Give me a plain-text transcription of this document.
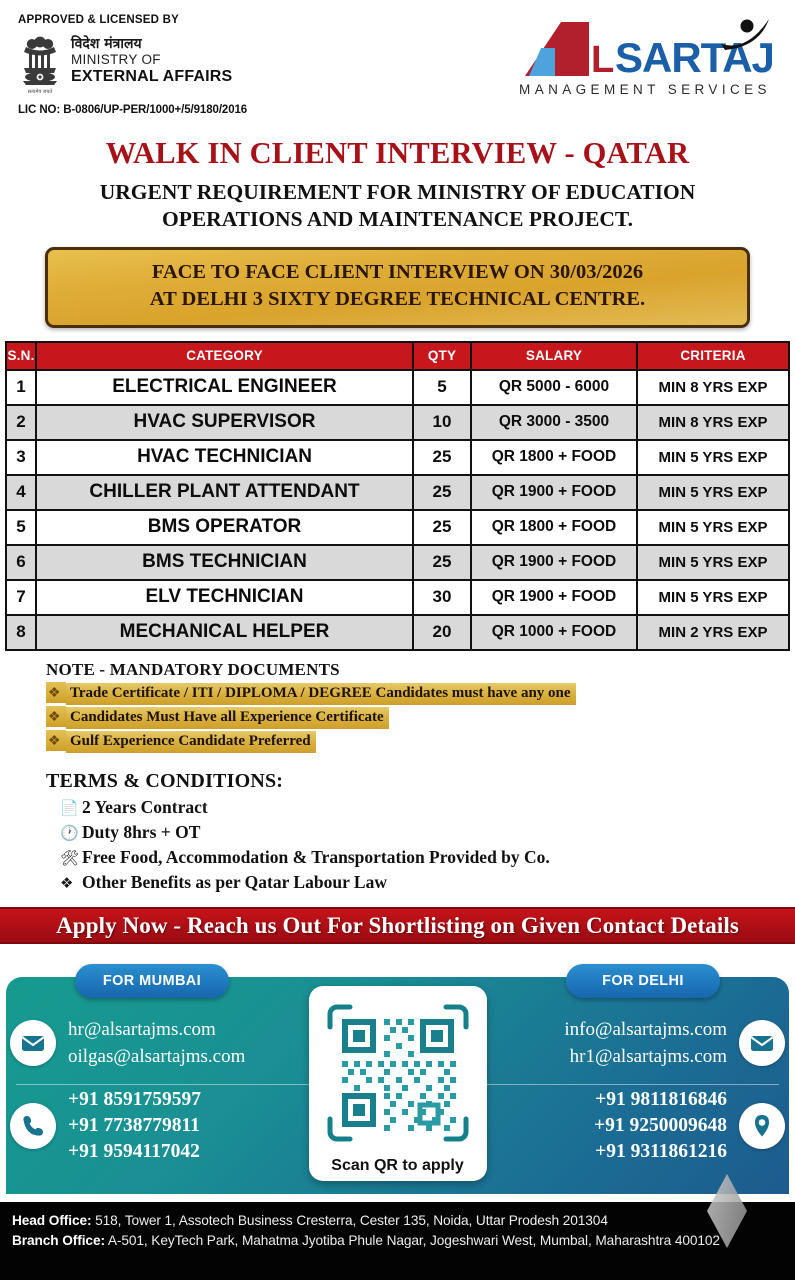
APPROVED & LICENSED BY
सत्यमेव जयते
विदेश मंत्रालय
MINISTRY OF
EXTERNAL AFFAIRS
LIC NO: B-0806/UP-PER/1000+/5/9180/2016
L SARTAJ
MANAGEMENT SERVICES
WALK IN CLIENT INTERVIEW - QATAR
URGENT REQUIREMENT FOR MINISTRY OF EDUCATION
OPERATIONS AND MAINTENANCE PROJECT.
FACE TO FACE CLIENT INTERVIEW ON 30/03/2026
AT DELHI 3 SIXTY DEGREE TECHNICAL CENTRE.
S.N.	CATEGORY	QTY	SALARY	CRITERIA
1	ELECTRICAL ENGINEER	5	QR 5000 - 6000	MIN 8 YRS EXP
2	HVAC SUPERVISOR	10	QR 3000 - 3500	MIN 8 YRS EXP
3	HVAC TECHNICIAN	25	QR 1800 + FOOD	MIN 5 YRS EXP
4	CHILLER PLANT ATTENDANT	25	QR 1900 + FOOD	MIN 5 YRS EXP
5	BMS OPERATOR	25	QR 1800 + FOOD	MIN 5 YRS EXP
6	BMS TECHNICIAN	25	QR 1900 + FOOD	MIN 5 YRS EXP
7	ELV TECHNICIAN	30	QR 1900 + FOOD	MIN 5 YRS EXP
8	MECHANICAL HELPER	20	QR 1000 + FOOD	MIN 2 YRS EXP
NOTE - MANDATORY DOCUMENTS
❖ Trade Certificate / ITI / DIPLOMA / DEGREE Candidates must have any one
❖ Candidates Must Have all Experience Certificate
❖ Gulf Experience Candidate Preferred
TERMS & CONDITIONS:
📄 2 Years Contract
🕐 Duty 8hrs + OT
🛠 Free Food, Accommodation & Transportation Provided by Co.
❖ Other Benefits as per Qatar Labour Law
Apply Now - Reach us Out For Shortlisting on Given Contact Details
FOR MUMBAI	FOR DELHI
hr@alsartajms.com
oilgas@alsartajms.com
+91 8591759597
+91 7738779811
+91 9594117042
info@alsartajms.com
hr1@alsartajms.com
+91 9811816846
+91 9250009648
+91 9311861216
Scan QR to apply
Head Office: 518, Tower 1, Assotech Business Cresterra, Cester 135, Noida, Uttar Prodesh 201304
Branch Office: A-501, KeyTech Park, Mahatma Jyotiba Phule Nagar, Jogeshwari West, Mumbal, Maharashtra 400102
